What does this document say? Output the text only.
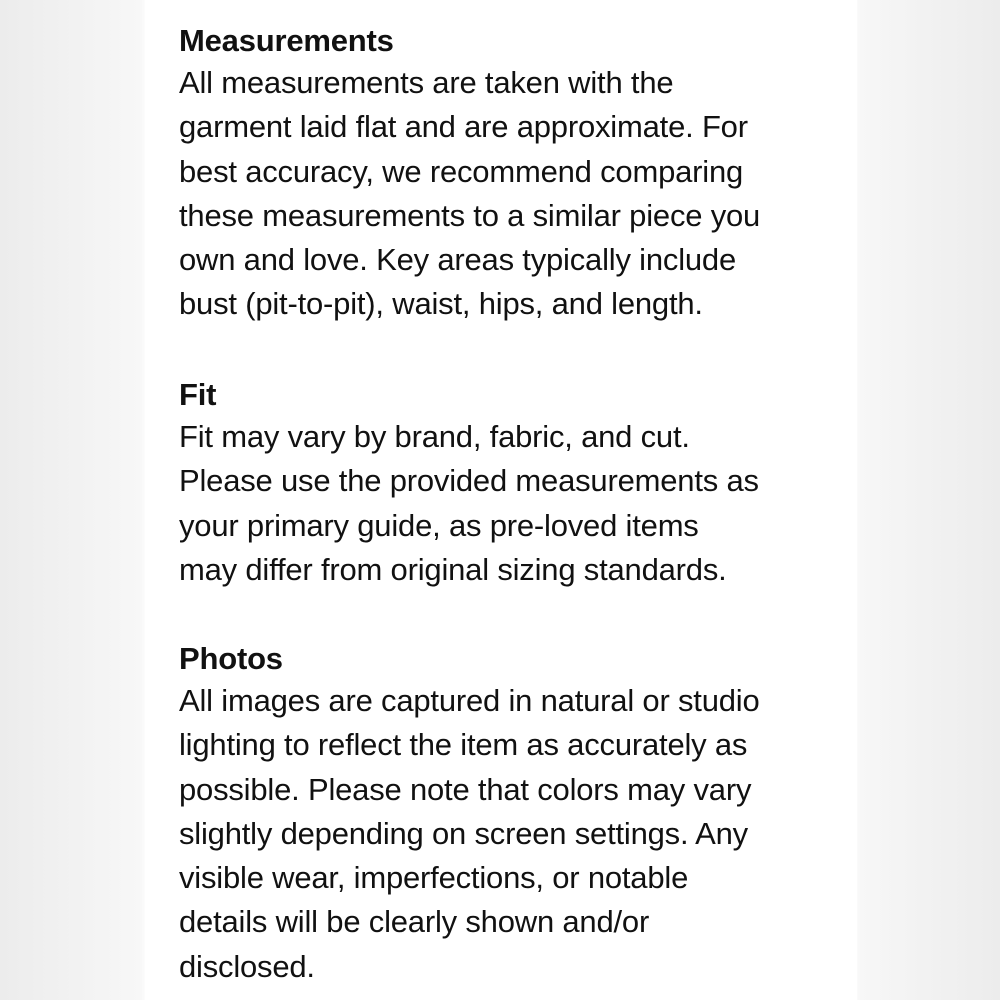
Measurements
All measurements are taken with the
garment laid flat and are approximate. For
best accuracy, we recommend comparing
these measurements to a similar piece you
own and love. Key areas typically include
bust (pit-to-pit), waist, hips, and length.
Fit
Fit may vary by brand, fabric, and cut.
Please use the provided measurements as
your primary guide, as pre-loved items
may differ from original sizing standards.
Photos
All images are captured in natural or studio
lighting to reflect the item as accurately as
possible. Please note that colors may vary
slightly depending on screen settings. Any
visible wear, imperfections, or notable
details will be clearly shown and/or
disclosed.
